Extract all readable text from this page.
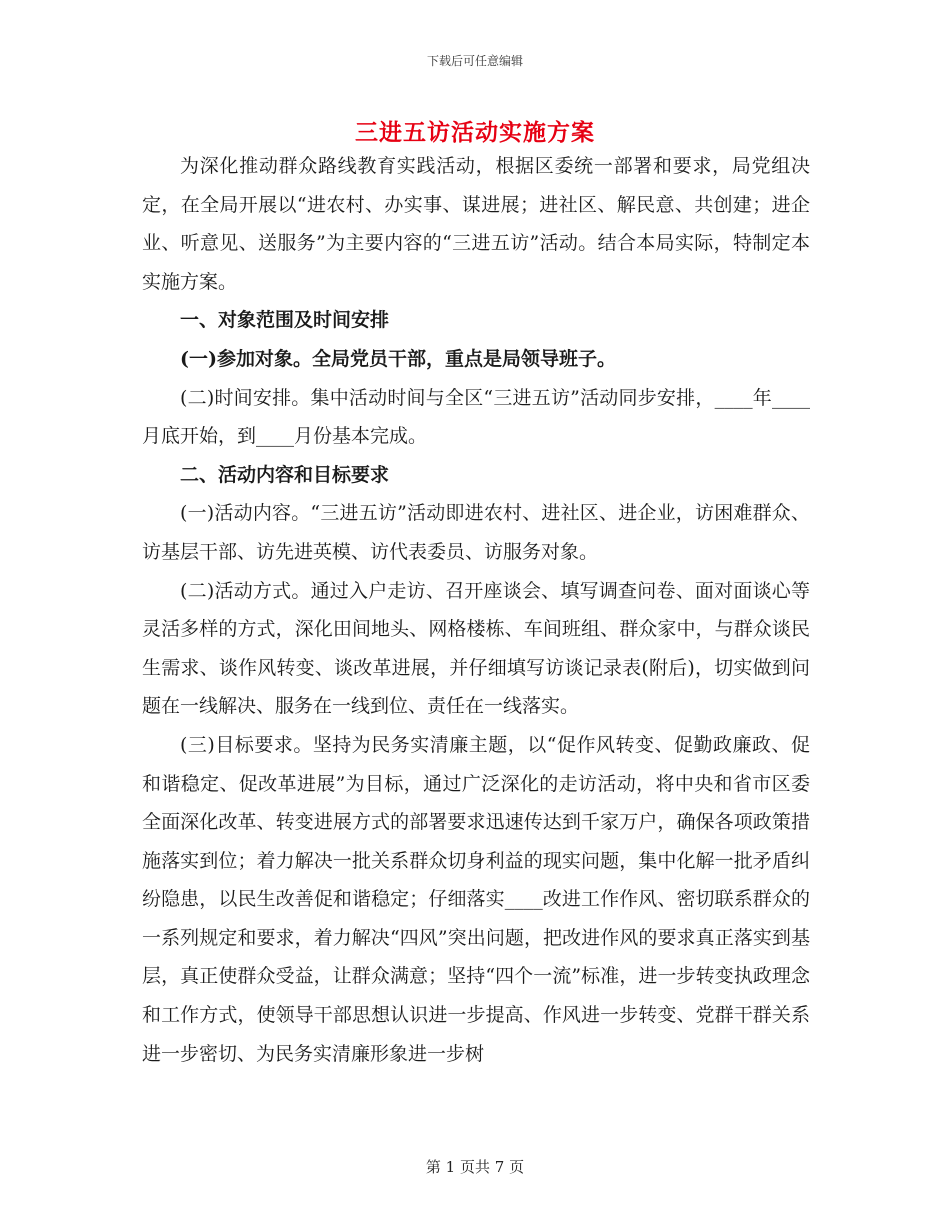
下载后可任意编辑
三进五访活动实施方案

为深化推动群众路线教育实践活动，根据区委统一部署和要求，局党组决定，在全局开展以“进农村、办实事、谋进展；进社区、解民意、共创建；进企业、听意见、送服务”为主要内容的“三进五访”活动。结合本局实际，特制定本实施方案。

一、对象范围及时间安排

(一)参加对象。全局党员干部，重点是局领导班子。

(二)时间安排。集中活动时间与全区“三进五访”活动同步安排，____年____月底开始，到____月份基本完成。

二、活动内容和目标要求

(一)活动内容。“三进五访”活动即进农村、进社区、进企业，访困难群众、访基层干部、访先进英模、访代表委员、访服务对象。

(二)活动方式。通过入户走访、召开座谈会、填写调查问卷、面对面谈心等灵活多样的方式，深化田间地头、网格楼栋、车间班组、群众家中，与群众谈民生需求、谈作风转变、谈改革进展，并仔细填写访谈记录表(附后)，切实做到问题在一线解决、服务在一线到位、责任在一线落实。

(三)目标要求。坚持为民务实清廉主题，以“促作风转变、促勤政廉政、促和谐稳定、促改革进展”为目标，通过广泛深化的走访活动，将中央和省市区委全面深化改革、转变进展方式的部署要求迅速传达到千家万户，确保各项政策措施落实到位；着力解决一批关系群众切身利益的现实问题，集中化解一批矛盾纠纷隐患，以民生改善促和谐稳定；仔细落实____改进工作作风、密切联系群众的一系列规定和要求，着力解决“四风”突出问题，把改进作风的要求真正落实到基层，真正使群众受益，让群众满意；坚持“四个一流”标准，进一步转变执政理念和工作方式，使领导干部思想认识进一步提高、作风进一步转变、党群干群关系进一步密切、为民务实清廉形象进一步树

第 1 页共 7 页
